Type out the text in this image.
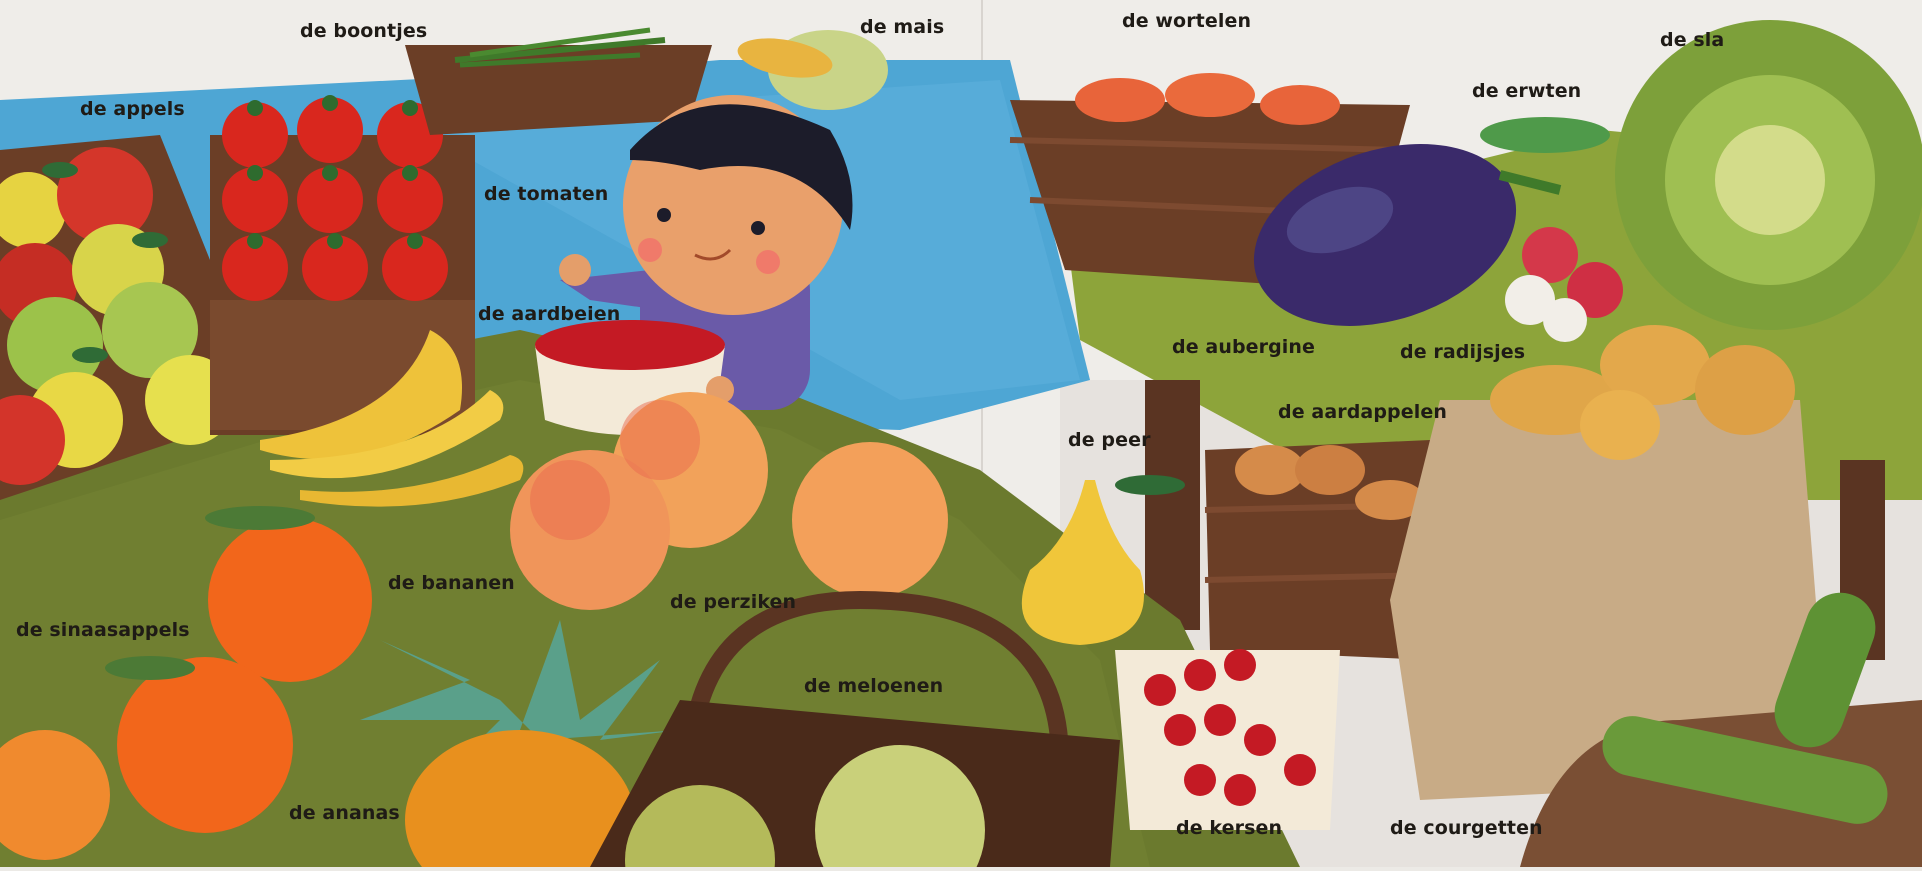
de boontjes	de mais	de wortelen
de sla
de appels
de erwten
de tomaten
de aardbeien
de aubergine	de radijsjes
de aardappelen
de peer
de bananen
de perziken
de sinaasappels
de meloenen
de ananas
de kersen	de courgetten
